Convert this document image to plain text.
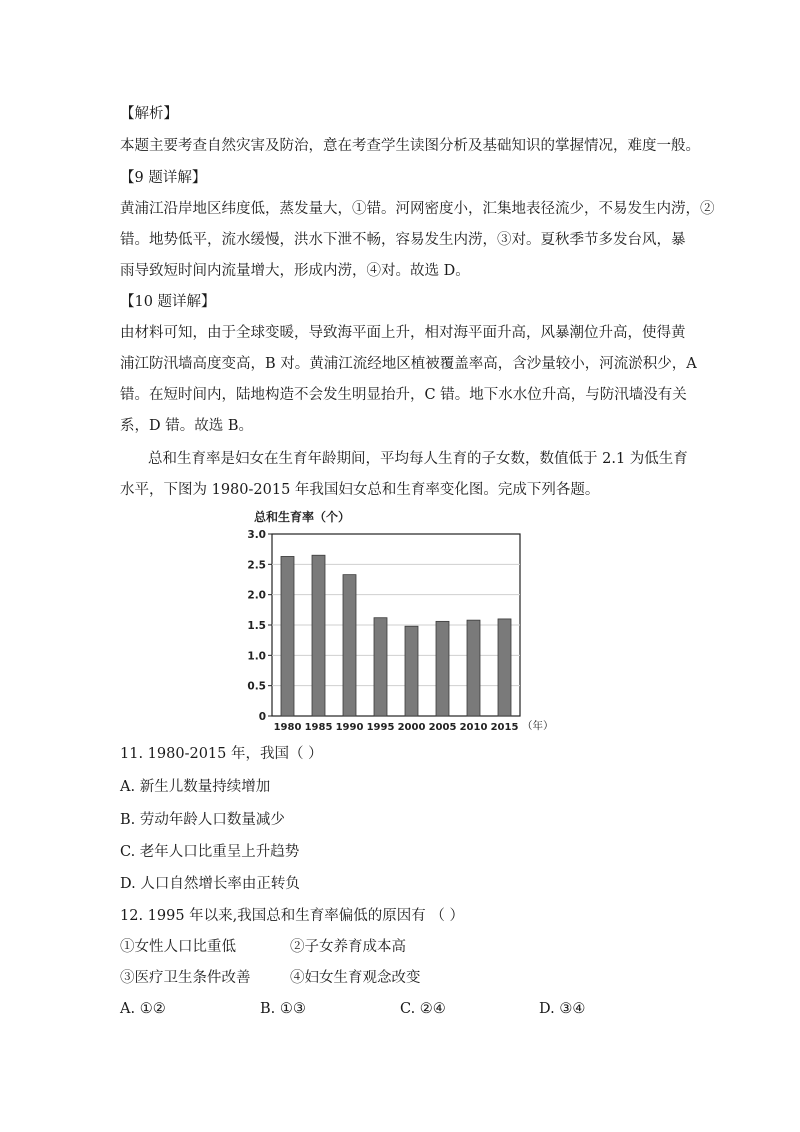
【解析】
本题主要考查自然灾害及防治，意在考查学生读图分析及基础知识的掌握情况，难度一般。
【9 题详解】
黄浦江沿岸地区纬度低，蒸发量大，①错。河网密度小，汇集地表径流少，不易发生内涝，②
错。地势低平，流水缓慢，洪水下泄不畅，容易发生内涝，③对。夏秋季节多发台风，暴
雨导致短时间内流量增大，形成内涝，④对。故选 D。
【10 题详解】
由材料可知，由于全球变暖，导致海平面上升，相对海平面升高，风暴潮位升高，使得黄
浦江防汛墙高度变高，B 对。黄浦江流经地区植被覆盖率高，含沙量较小，河流淤积少，A
错。在短时间内，陆地构造不会发生明显抬升，C 错。地下水水位升高，与防汛墙没有关
系，D 错。故选 B。
总和生育率是妇女在生育年龄期间，平均每人生育的子女数，数值低于 2.1 为低生育
水平，下图为 1980-2015 年我国妇女总和生育率变化图。完成下列各题。
总和生育率（个）
0
0.5
1.0
1.5
2.0
2.5
3.0
1980 1985 1990 1995 2000 2005 2010 2015 （年）
11. 1980-2015 年，我国（ ）
A. 新生儿数量持续增加
B. 劳动年龄人口数量减少
C. 老年人口比重呈上升趋势
D. 人口自然增长率由正转负
12. 1995 年以来,我国总和生育率偏低的原因有 （ ）
①女性人口比重低	②子女养育成本高
③医疗卫生条件改善	④妇女生育观念改变
A. ①②	B. ①③	C. ②④	D. ③④
